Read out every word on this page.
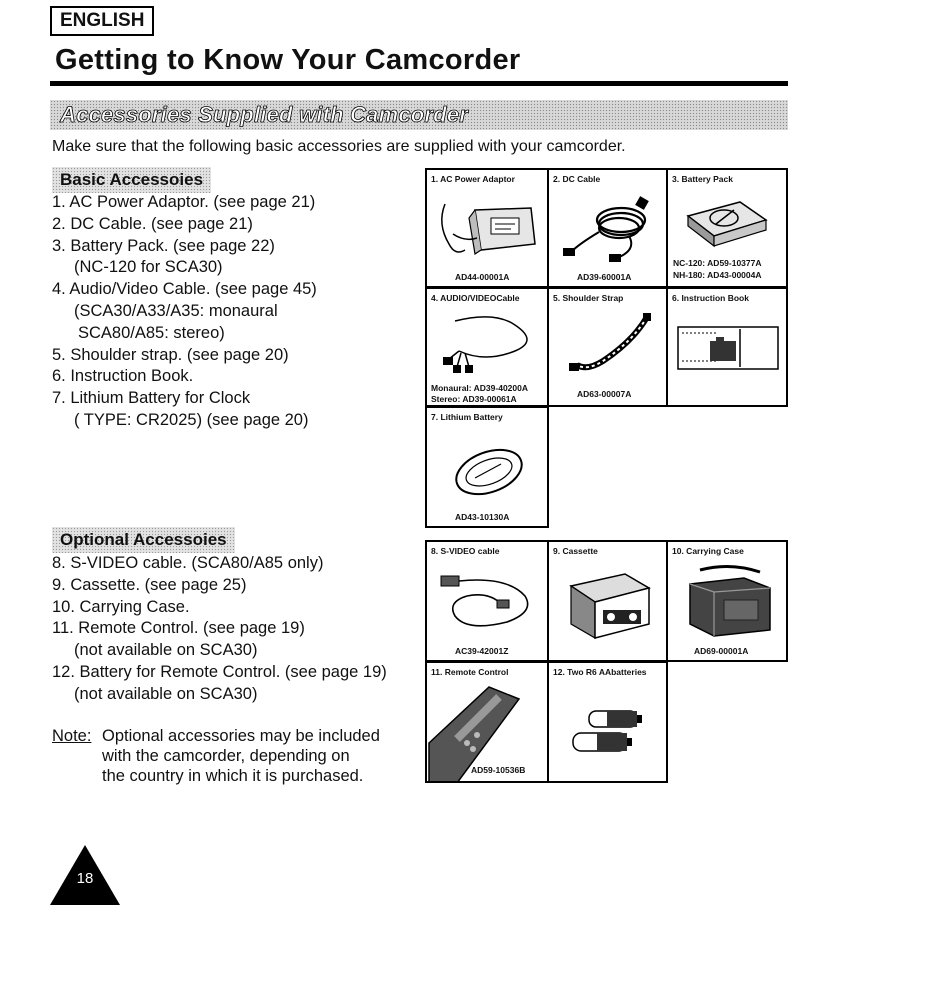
ENGLISH
Getting to Know Your Camcorder
Accessories Supplied with Camcorder
Make sure that the following basic accessories are supplied with your camcorder.
Basic Accessoies
1. AC Power Adaptor. (see page 21)
2. DC Cable. (see page 21)
3. Battery Pack. (see page 22)
(NC-120 for SCA30)
4. Audio/Video Cable. (see page 45)
(SCA30/A33/A35: monaural
SCA80/A85: stereo)
5. Shoulder strap. (see page 20)
6. Instruction Book.
7. Lithium Battery for Clock
( TYPE: CR2025) (see page 20)
Optional Accessoies
8. S-VIDEO cable. (SCA80/A85 only)
9. Cassette. (see page 25)
10. Carrying Case.
11. Remote Control. (see page 19)
(not available on SCA30)
12. Battery for Remote Control. (see page 19)
(not available on SCA30)
Note: Optional accessories may be included
with the camcorder, depending on
the country in which it is purchased.
1. AC Power Adaptor
AD44-00001A
2. DC Cable
AD39-60001A
3. Battery Pack
NC-120: AD59-10377A
NH-180: AD43-00004A
4. AUDIO/VIDEOCable
Monaural: AD39-40200A
Stereo: AD39-00061A
5. Shoulder Strap
AD63-00007A
6. Instruction Book
7. Lithium Battery
AD43-10130A
8. S-VIDEO cable
AC39-42001Z
9. Cassette	10. Carrying Case
AD69-00001A
11. Remote Control
AD59-10536B
12. Two R6 AAbatteries
18
